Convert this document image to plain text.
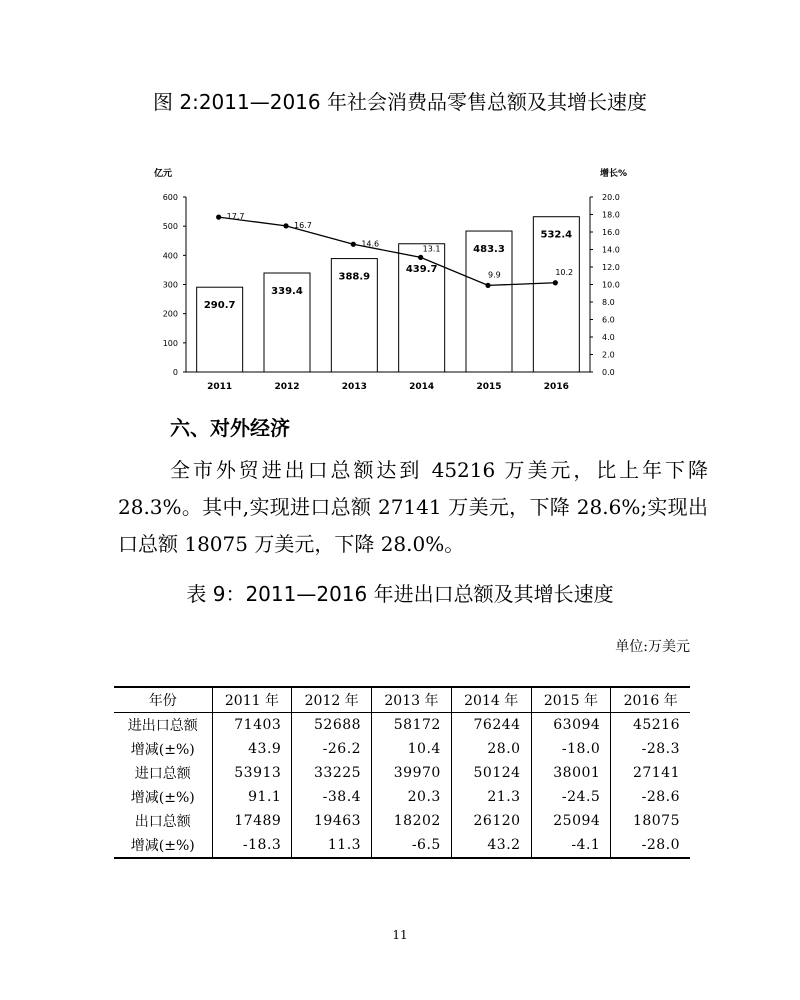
图 2:2011—2016 年社会消费品零售总额及其增长速度
亿元	增长%
0
100
200
300
400
500
600
0.0
2.0
4.0
6.0
8.0
10.0
12.0
14.0
16.0
18.0
20.0
2011	2012	2013	2014	2015	2016
17.7
16.7
14.6
13.1
9.9	10.2
290.7
339.4
388.9
439.7
483.3
532.4
六、对外经济
全市外贸进出口总额达到 45216 万美元，比上年下降 28.3%。其中,实现进口总额 27141 万美元，下降 28.6%;实现出口总额 18075 万美元，下降 28.0%。
表 9：2011—2016 年进出口总额及其增长速度
单位:万美元
年份	2011 年	2012 年	2013 年	2014 年	2015 年	2016 年
进出口总额	71403	52688	58172	76244	63094	45216
增减(±%)	43.9	-26.2	10.4	28.0	-18.0	-28.3
进口总额	53913	33225	39970	50124	38001	27141
增减(±%)	91.1	-38.4	20.3	21.3	-24.5	-28.6
出口总额	17489	19463	18202	26120	25094	18075
增减(±%)	-18.3	11.3	-6.5	43.2	-4.1	-28.0
11
